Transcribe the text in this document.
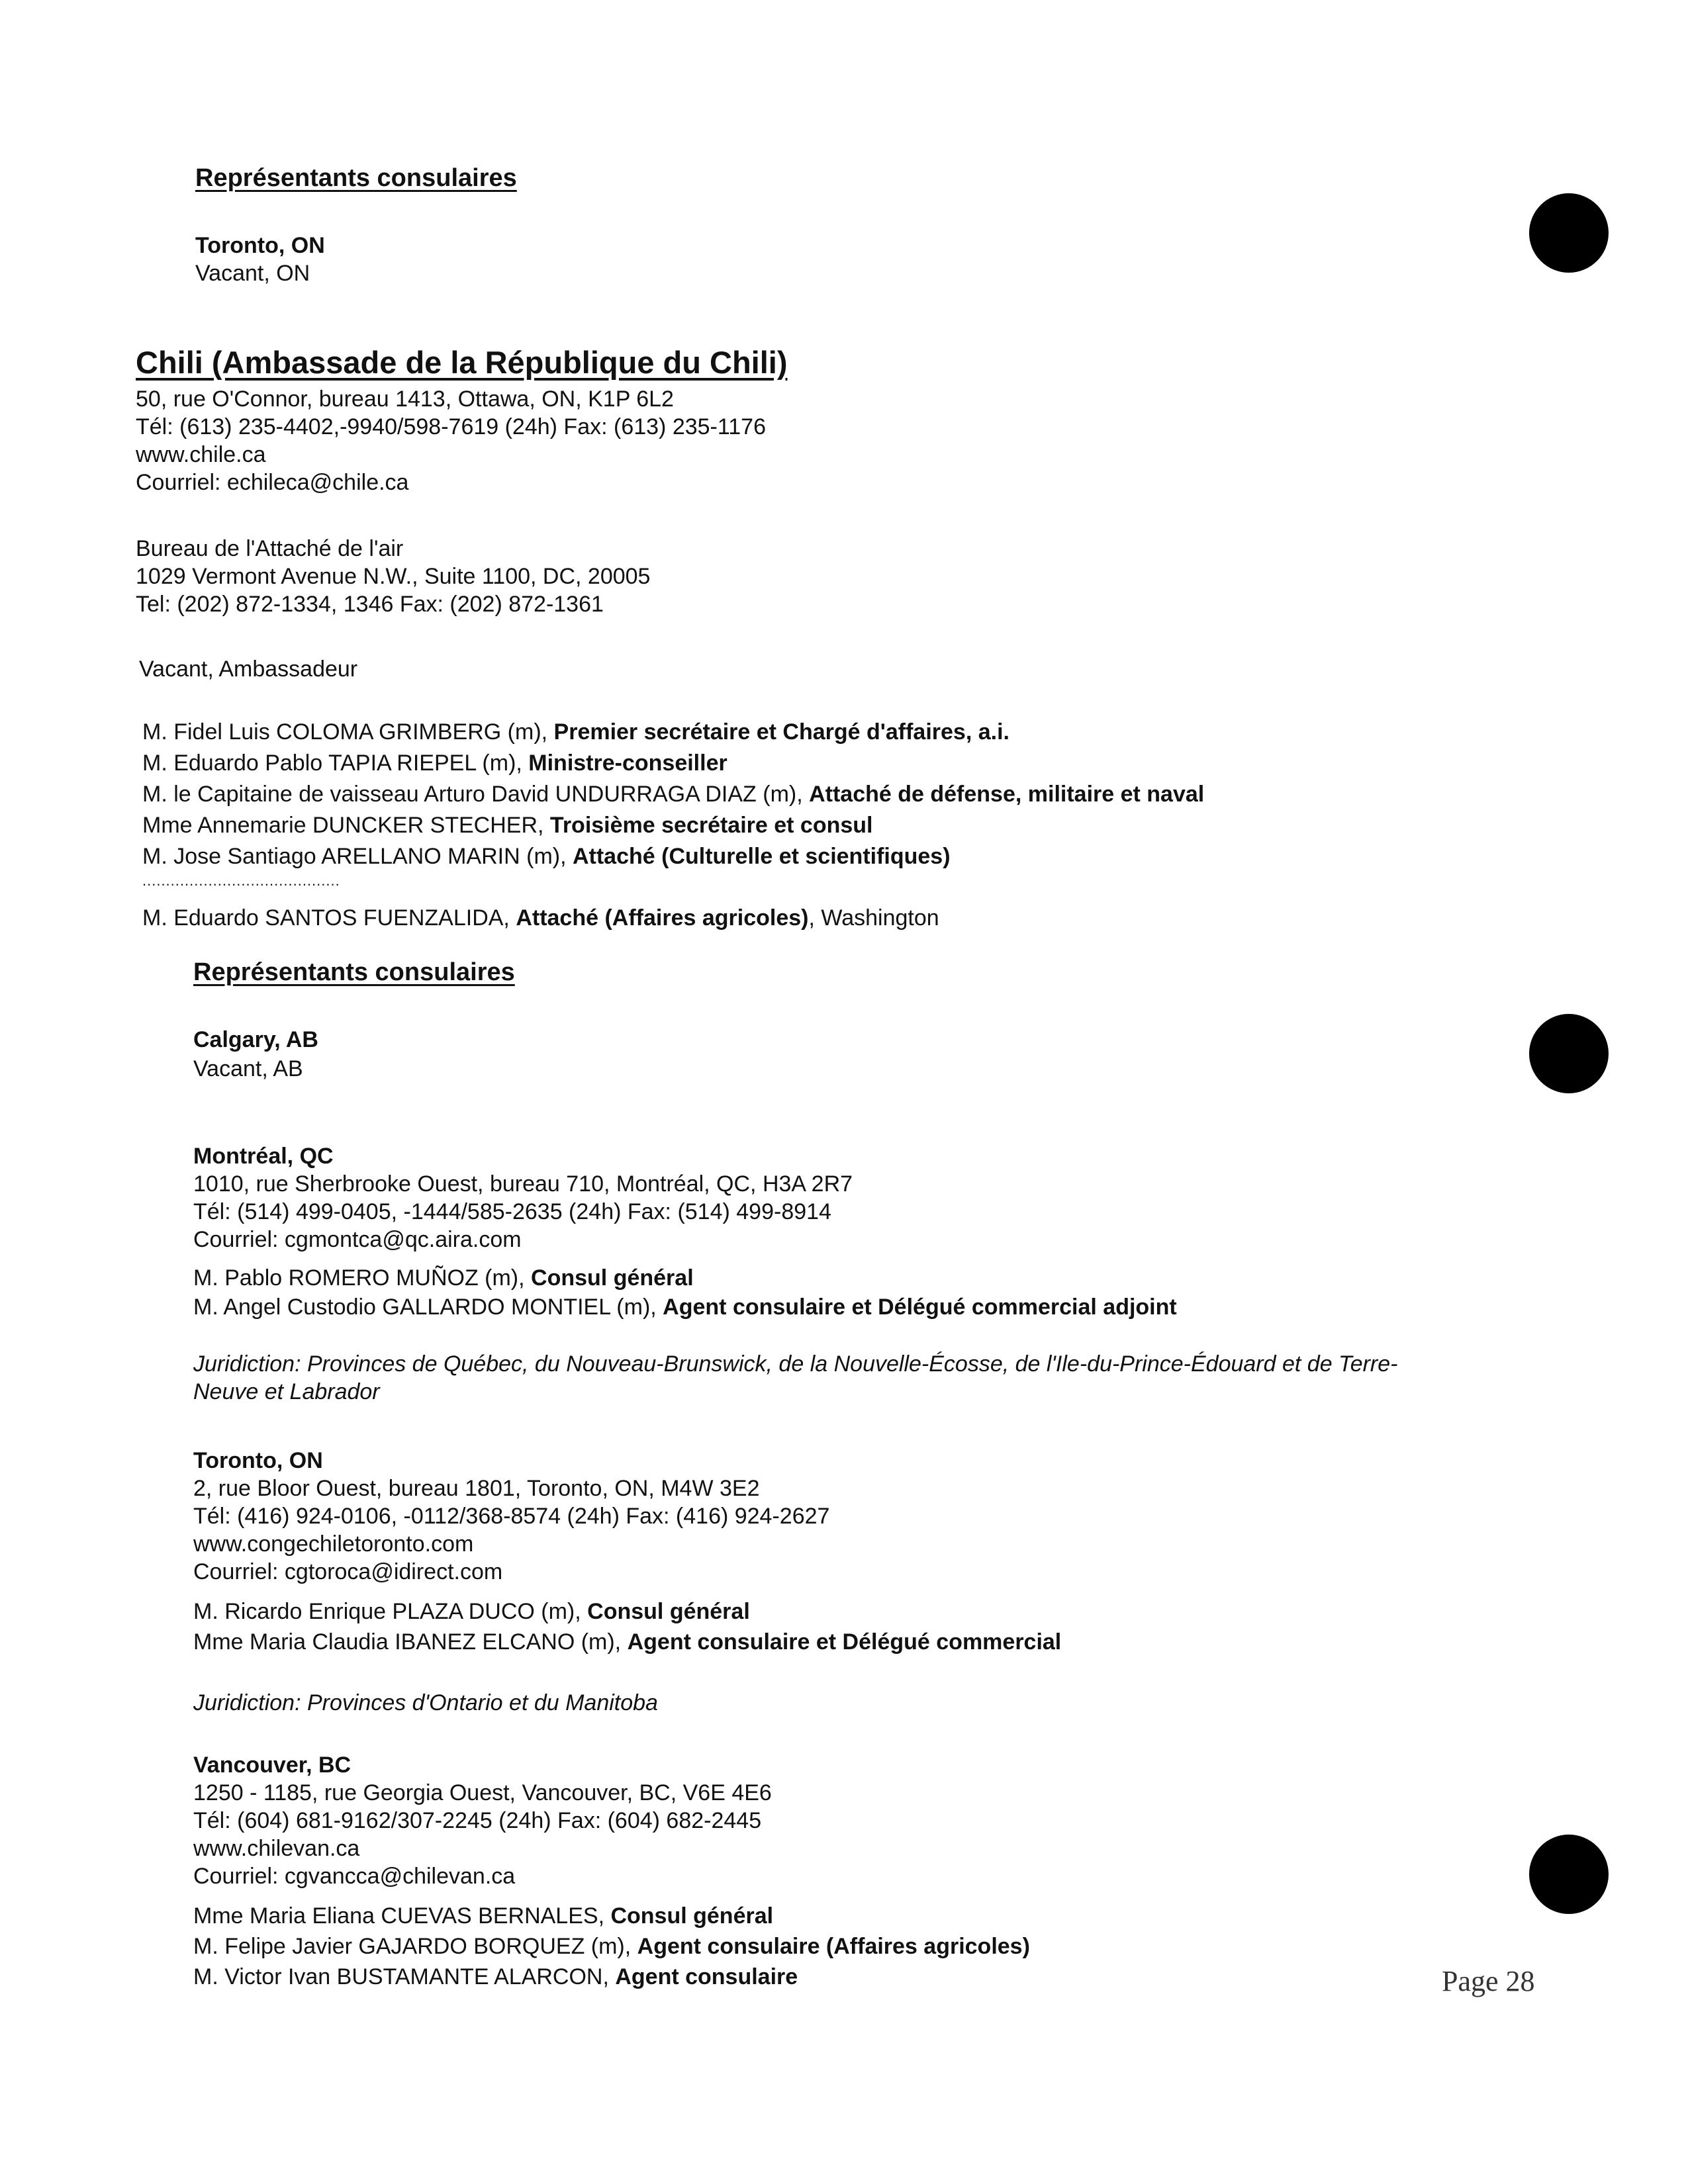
Représentants consulaires
Toronto, ON
Vacant, ON
Chili (Ambassade de la République du Chili)
50, rue O'Connor, bureau 1413, Ottawa, ON, K1P 6L2
Tél: (613) 235-4402,-9940/598-7619 (24h) Fax: (613) 235-1176
www.chile.ca
Courriel: echileca@chile.ca
Bureau de l'Attaché de l'air
1029 Vermont Avenue N.W., Suite 1100, DC, 20005
Tel: (202) 872-1334, 1346 Fax: (202) 872-1361
Vacant, Ambassadeur
M. Fidel Luis COLOMA GRIMBERG (m), Premier secrétaire et Chargé d'affaires, a.i.
M. Eduardo Pablo TAPIA RIEPEL (m), Ministre-conseiller
M. le Capitaine de vaisseau Arturo David UNDURRAGA DIAZ (m), Attaché de défense, militaire et naval
Mme Annemarie DUNCKER STECHER, Troisième secrétaire et consul
M. Jose Santiago ARELLANO MARIN (m), Attaché (Culturelle et scientifiques)
..........................................
M. Eduardo SANTOS FUENZALIDA, Attaché (Affaires agricoles), Washington
Représentants consulaires
Calgary, AB
Vacant, AB
Montréal, QC
1010, rue Sherbrooke Ouest, bureau 710, Montréal, QC, H3A 2R7
Tél: (514) 499-0405, -1444/585-2635 (24h) Fax: (514) 499-8914
Courriel: cgmontca@qc.aira.com
M. Pablo ROMERO MUÑOZ (m), Consul général
M. Angel Custodio GALLARDO MONTIEL (m), Agent consulaire et Délégué commercial adjoint
Juridiction: Provinces de Québec, du Nouveau-Brunswick, de la Nouvelle-Écosse, de l'Ile-du-Prince-Édouard et de Terre-
Neuve et Labrador
Toronto, ON
2, rue Bloor Ouest, bureau 1801, Toronto, ON, M4W 3E2
Tél: (416) 924-0106, -0112/368-8574 (24h) Fax: (416) 924-2627
www.congechiletoronto.com
Courriel: cgtoroca@idirect.com
M. Ricardo Enrique PLAZA DUCO (m), Consul général
Mme Maria Claudia IBANEZ ELCANO (m), Agent consulaire et Délégué commercial
Juridiction: Provinces d'Ontario et du Manitoba
Vancouver, BC
1250 - 1185, rue Georgia Ouest, Vancouver, BC, V6E 4E6
Tél: (604) 681-9162/307-2245 (24h) Fax: (604) 682-2445
www.chilevan.ca
Courriel: cgvancca@chilevan.ca
Mme Maria Eliana CUEVAS BERNALES, Consul général
M. Felipe Javier GAJARDO BORQUEZ (m), Agent consulaire (Affaires agricoles)
M. Victor Ivan BUSTAMANTE ALARCON, Agent consulaire	Page 28
